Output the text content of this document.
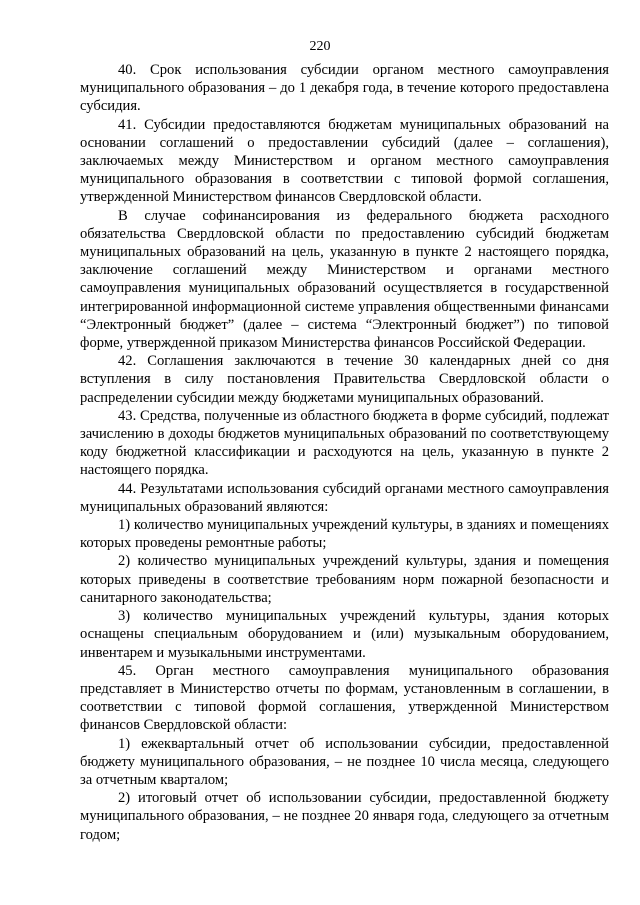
220

40. Срок использования субсидии органом местного самоуправления муниципального образования – до 1 декабря года, в течение которого предоставлена субсидия.

41. Субсидии предоставляются бюджетам муниципальных образований на основании соглашений о предоставлении субсидий (далее – соглашения), заключаемых между Министерством и органом местного самоуправления муниципального образования в соответствии с типовой формой соглашения, утвержденной Министерством финансов Свердловской области.

В случае софинансирования из федерального бюджета расходного обязательства Свердловской области по предоставлению субсидий бюджетам муниципальных образований на цель, указанную в пункте 2 настоящего порядка, заключение соглашений между Министерством и органами местного самоуправления муниципальных образований осуществляется в государственной интегрированной информационной системе управления общественными финансами “Электронный бюджет” (далее – система “Электронный бюджет”) по типовой форме, утвержденной приказом Министерства финансов Российской Федерации.

42. Соглашения заключаются в течение 30 календарных дней со дня вступления в силу постановления Правительства Свердловской области о распределении субсидии между бюджетами муниципальных образований.

43. Средства, полученные из областного бюджета в форме субсидий, подлежат зачислению в доходы бюджетов муниципальных образований по соответствующему коду бюджетной классификации и расходуются на цель, указанную в пункте 2 настоящего порядка.

44. Результатами использования субсидий органами местного самоуправления муниципальных образований являются:

1) количество муниципальных учреждений культуры, в зданиях и помещениях которых проведены ремонтные работы;

2) количество муниципальных учреждений культуры, здания и помещения которых приведены в соответствие требованиям норм пожарной безопасности и санитарного законодательства;

3) количество муниципальных учреждений культуры, здания которых оснащены специальным оборудованием и (или) музыкальным оборудованием, инвентарем и музыкальными инструментами.

45. Орган местного самоуправления муниципального образования представляет в Министерство отчеты по формам, установленным в соглашении, в соответствии с типовой формой соглашения, утвержденной Министерством финансов Свердловской области:

1) ежеквартальный отчет об использовании субсидии, предоставленной бюджету муниципального образования, – не позднее 10 числа месяца, следующего за отчетным кварталом;

2) итоговый отчет об использовании субсидии, предоставленной бюджету муниципального образования, – не позднее 20 января года, следующего за отчетным годом;
